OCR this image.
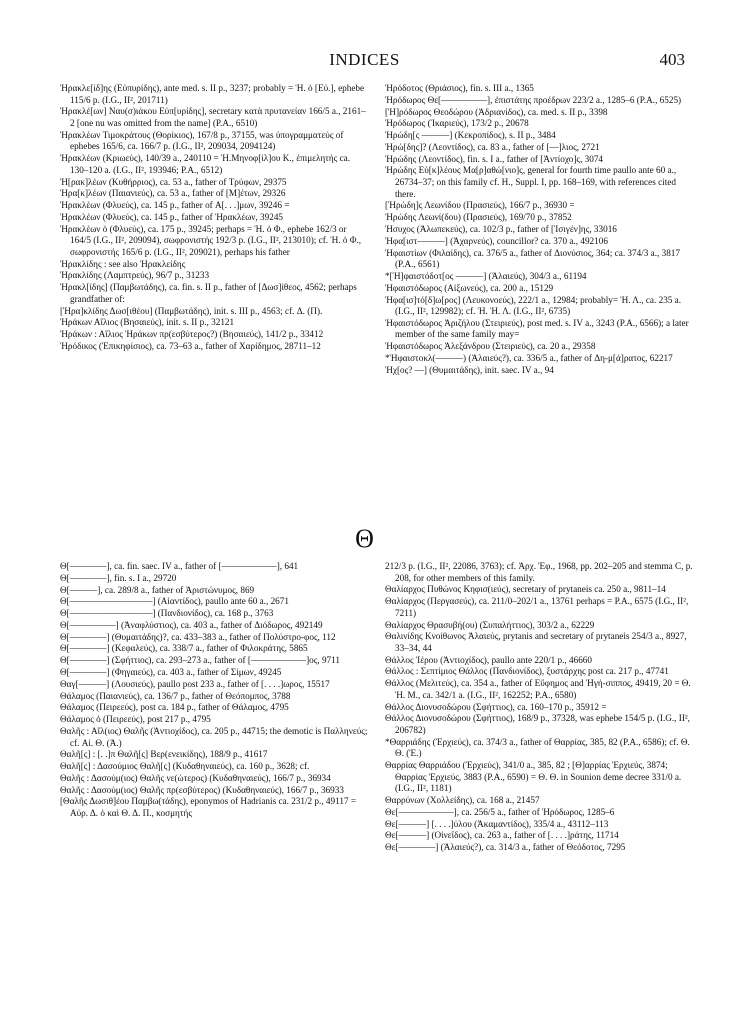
INDICES	403
Ἡρακλε[ίδ]ης (Εὐπυρίδης), ante med. s. II p., 3237; probably = Ἡ. ὁ [Εὐ.], ephebe 115/6 p. (I.G., II², 201711)
Ἡρακλέ[ων] Ναυ(σ)ιάκου Εὐπ[υρίδης], secretary κατὰ πρυτανείαν 166/5 a., 2161–2 [one nu was omitted from the name] (P.A., 6510)
Ἡρακλέων Τιμοκράτους (Θορίκιος), 167/8 p., 37155, was ὑπογραμματεύς of ephebes 165/6, ca. 166/7 p. (I.G., II², 209034, 2094124)
Ἡρακλέων (Κριωεύς), 140/39 a., 240110 = Ἡ.Μηνοφ[ίλ]ου Κ., ἐπιμελητής ca. 130–120 a. (I.G., II², 193946; P.A., 6512)
Ἡ[ρακ]λέων (Κυθήρριος), ca. 53 a., father of Τρύφων, 29375
Ἡρα[κ]λέων (Παιανιεύς), ca. 53 a., father of [Μ]έτων, 29326
Ἡρακλέων (Φλυεύς), ca. 145 p., father of Α[. . .]μων, 39246 =
Ἡρακλέων (Φλυεύς), ca. 145 p., father of Ἡρακλέων, 39245
Ἡρακλέων ὁ (Φλυεύς), ca. 175 p., 39245; perhaps = Ἡ. ὁ Φ., ephebe 162/3 or 164/5 (I.G., II², 209094), σωφρονιστής 192/3 p. (I.G., II², 213010); cf. Ἡ. ὁ Φ., σωφρονιστής 165/6 p. (I.G., II², 209021), perhaps his father
Ἡρακλίδης : see also Ἡρακλείδης
Ἡρακλίδης (Λαμπτρεύς), 96/7 p., 31233
Ἡρακλ[ίδης] (Παμβωτάδης), ca. fin. s. II p., father of [Δωσ]ίθεος, 4562; perhaps grandfather of:
[Ἡρα]κλίδης Δωσ[ιθέου] (Παμβωτάδης), init. s. III p., 4563; cf. Δ. (Π).
Ἡράκων Αἴλιος (Βησαιεύς), init. s. II p., 32121
Ἡράκων : Αἴλιος Ἡράκων πρ(εσβύτερος?) (Βησαιεύς), 141/2 p., 33412
Ἡρόδικος (Ἐπικηφίσιος), ca. 73–63 a., father of Χαρίδημος, 28711–12
Ἡρόδοτος (Θριάσιος), fin. s. III a., 1365
Ἡρόδωρος Θε[—————], ἐπιστάτης προέδρων 223/2 a., 1285–6 (P.A., 6525)
[Ἡ]ρόδωρος Θεοδώρου (Ἀδριανίδος), ca. med. s. II p., 3398
Ἡρόδωρος (Ἰκαριεύς), 173/2 p., 20678
Ἡρώδη[ς ———] (Κεκροπίδος), s. II p., 3484
Ἡρώ[δης]? (Λεοντίδος), ca. 83 a., father of [—]λιος, 2721
Ἡρώδης (Λεοντίδος), fin. s. I a., father of [Ἀντίοχο]ς, 3074
Ἡρώδης Εὐ[κ]λέους Μα[ρ]αθώ[νιο]ς, general for fourth time paullo ante 60 a., 26734–37; on this family cf. H., Suppl. I, pp. 168–169, with references cited there.
[Ἡρώδη]ς Λεωνίδου (Πρασιεύς), 166/7 p., 36930 =
Ἡρώδης Λεωνί(δου) (Πρασιεύς), 169/70 p., 37852
Ἡσυχος (Ἀλωπεκεύς), ca. 102/3 p., father of [Ἰσιγέν]ης, 33016
Ἡφα[ιστ———] (Ἀχαρνεύς), councillor? ca. 370 a., 492106
Ἡφαιστίων (Φιλαίδης), ca. 376/5 a., father of Διονύσιος, 364; ca. 374/3 a., 3817 (P.A., 6561)
*[Ἡ]φαιστόδοτ[ος ———] (Ἁλαιεύς), 304/3 a., 61194
Ἡφαιστόδωρος (Αἰξωνεύς), ca. 200 a., 15129
Ἡφα[ισ]τό[δ]ω[ρος] (Λευκονοεύς), 222/1 a., 12984; probably= Ἡ. Λ., ca. 235 a. (I.G., II², 129982); cf. Ἡ. Ἡ. Λ. (I.G., II², 6735)
Ἡφαιστόδωρος Ἀριζήλου (Στειριεύς), post med. s. IV a., 3243 (P.A., 6566); a later member of the same family may=
Ἡφαιστόδωρος Ἀλεξάνδρου (Στειριεύς), ca. 20 a., 29358
*Ἡφαιστοκλ(———) (Ἁλαιεύς?), ca. 336/5 a., father of Δη-μ[ά]ρατος, 62217
Ἡχ[ος? —] (Θυμαιτάδης), init. saec. IV a., 94
Θ
Θ[————], ca. fin. saec. IV a., father of [——————], 641
Θ[————], fin. s. I a., 29720
Θ[———], ca. 289/8 a., father of Ἀριστώνυμος, 869
Θ[—————————] (Αἰαντίδος), paullo ante 60 a., 2671
Θ[—————————] (Πανδιονίδος), ca. 168 p., 3763
Θ[—————] (Ἀναφλύστιος), ca. 403 a., father of Διόδωρος, 492149
Θ[————] (Θυμαιτάδης)?, ca. 433–383 a., father of Πολύστρο-φος, 112
Θ[————] (Κεφαλεύς), ca. 338/7 a., father of Φιλοκράτης, 5865
Θ[————] (Σφήττιος), ca. 293–273 a., father of [——————]ος, 9711
Θ[————] (Φηγαιεύς), ca. 403 a., father of Σίμων, 49245
Θαγ[———] (Λουσιεύς), paullo post 233 a., father of [. . . .]ωρος, 15517
Θάλαμος (Παιανιεύς), ca. 136/7 p., father of Θεόπομπος, 3788
Θάλαμος (Πειρεεύς), post ca. 184 p., father of Θάλαμος, 4795
Θάλαμος ὁ (Πειρεεύς), post 217 p., 4795
Θαλῆς : Αἴλ(ιος) Θαλῆς (Ἀντιοχίδος), ca. 205 p., 44715; the demotic is Παλληνεύς; cf. Αἰ. Θ. (Ἀ.)
Θαλῆ[ς] : [. .]π Θαλῆ[ς] Βερ(ενεικίδης), 188/9 p., 41617
Θαλῆ[ς] : Δασούμιος Θαλῆ[ς] (Κυδαθηναιεύς), ca. 160 p., 3628; cf.
Θαλῆς : Δασούμ(ιος) Θαλῆς νε(ώτερος) (Κυδαθηναιεύς), 166/7 p., 36934
Θαλῆς : Δασούμ(ιος) Θαλῆς πρ(εσβύτερος) (Κυδαθηναιεύς), 166/7 p., 36933
[Θαλῆς Δωσιθ]έου Παμβω(τάδης), eponymos of Hadrianis ca. 231/2 p., 49117 = Αὐρ. Δ. ὁ καὶ Θ. Δ. Π., κοσμητής
212/3 p. (I.G., II², 22086, 3763); cf. Ἀρχ. Ἐφ., 1968, pp. 202–205 and stemma C, p. 208, for other members of this family.
Θαλίαρχος Πυθώνος Κηφισ(ιεύς), secretary of prytaneis ca. 250 a., 9811–14
Θαλίαρχος (Περγασεύς), ca. 211/0–202/1 a., 13761 perhaps = P.A., 6575 (I.G., II², 7211)
Θαλίαρχος Θρασυβή(ου) (Συπαλήττιος), 303/2 a., 62229
Θαλινίδης Κνοίθωνος Ἁλαιεύς, prytanis and secretary of prytaneis 254/3 a., 8927, 33–34, 44
Θάλλος Ἱέρου (Ἀντιοχίδος), paullo ante 220/1 p., 46660
Θάλλος : Σεπτίμιος Θάλλος (Πανδιονίδος), ξυστάρχης post ca. 217 p., 47741
Θάλλος (Μελιτεύς), ca. 354 a., father of Εὔφημος and Ἡγή-σιππος, 49419, 20 = Θ. Ἡ. Μ., ca. 342/1 a. (I.G., II², 162252; P.A., 6580)
Θάλλος Διονυσοδώρου (Σφήττιος), ca. 160–170 p., 35912 =
Θάλλος Διονυσοδώρου (Σφήττιος), 168/9 p., 37328, was ephebe 154/5 p. (I.G., II², 206782)
*Θαρριάδης (Ἐρχιεύς), ca. 374/3 a., father of Θαρρίας, 385, 82 (P.A., 6586); cf. Θ. Θ. (Ἐ.)
Θαρρίας Θαρριάδου (Ἐρχιεύς), 341/0 a., 385, 82 ; [Θ]αρρίας Ἐρχιεύς, 3874; Θαρρίας Ἐρχιεύς, 3883 (P.A., 6590) = Θ. Θ. in Sounion deme decree 331/0 a. (I.G., II², 1181)
Θαρρύνων (Χολλείδης), ca. 168 a., 21457
Θε[——————], ca. 256/5 a., father of Ἡρόδωρος, 1285–6
Θε[———] [. . . .]ύλου (Ἀκαμαντίδος), 335/4 a., 43112–113
Θε[———] (Οἰνεΐδος), ca. 263 a., father of [. . . .]ράτης, 11714
Θε[————] (Ἁλαιεύς?), ca. 314/3 a., father of Θεόδοτος, 7295
